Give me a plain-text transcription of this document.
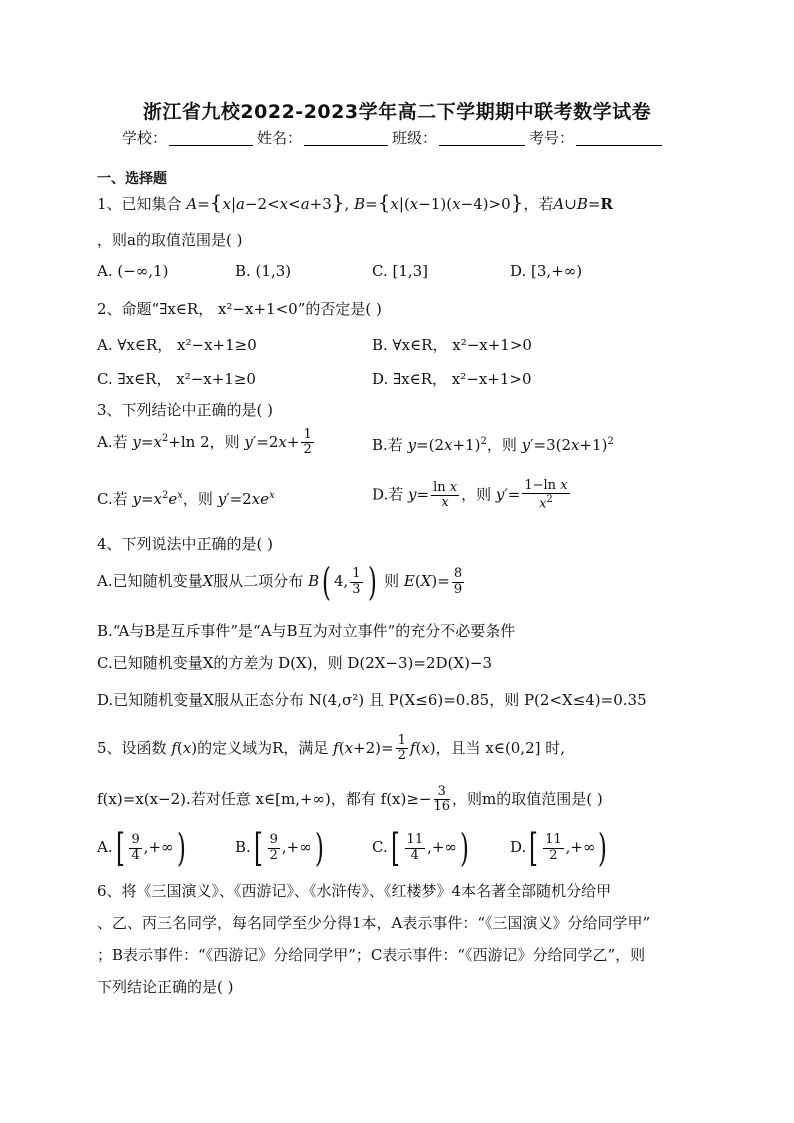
浙江省九校2022-2023学年高二下学期期中联考数学试卷
学校：	姓名：	班级：	考号：
一、选择题
1、已知集合 A={x|a−2<x<a+3}, B={x|(x−1)(x−4)>0}，若A∪B=R
，则a的取值范围是( )
A. (−∞,1)	B. (1,3)	C. [1,3]	D. [3,+∞)
2、命题“∃x∈R， x²−x+1<0”的否定是( )
A. ∀x∈R， x²−x+1≥0	B. ∀x∈R， x²−x+1>0
C. ∃x∈R， x²−x+1≥0	D. ∃x∈R， x²−x+1>0
3、下列结论中正确的是( )
A.若 $y=x^2+\ln$ 2，则 $y'=2x+ \frac{1}{2}$	B.若 $y=(2x+1)^2$，则 $y'=3(2x+1)^2$
C.若 $y=x^2e^x$，则 $y'=2xe^x$	D.若 $y= \frac{\text{ln x}}{x}$ ，则 $y'= \frac{\text{1−ln x}}{x^2}$
4、下列说法中正确的是( )
A.已知随机变量X服从二项分布 B( 4, $\frac{1}{3}$ ) 则 $E(X)= \frac{8}{9}$
B.“A与B是互斥事件”是“A与B互为对立事件”的充分不必要条件
C.已知随机变量X的方差为 D(X)，则 D(2X−3)=2D(X)−3
D.已知随机变量X服从正态分布 N(4,σ²) 且 P(X≤6)=0.85，则 P(2<X≤4)=0.35
5、设函数 f(x)的定义域为R，满足 $f(x+2)= \frac{1}{2} f(x)$，且当 x∈(0,2] 时,
f(x)=x(x−2).若对任意 x∈[m,+∞)，都有 $f(x)\ge- \frac{3}{16}$ ，则m的取值范围是( )
$A.[ \frac{9}{4}$ ,+∞)	$B.[ \frac{9}{2}$ ,+∞)	$C.[ \frac{11}{4}$ ,+∞)	$D.[ \frac{11}{2}$ ,+∞)
6、将《三国演义》、《西游记》、《水浒传》、《红楼梦》4本名著全部随机分给甲
、乙、丙三名同学，每名同学至少分得1本，A表示事件：“《三国演义》分给同学甲”
；B表示事件：“《西游记》分给同学甲”；C表示事件：“《西游记》分给同学乙”，则
下列结论正确的是( )
